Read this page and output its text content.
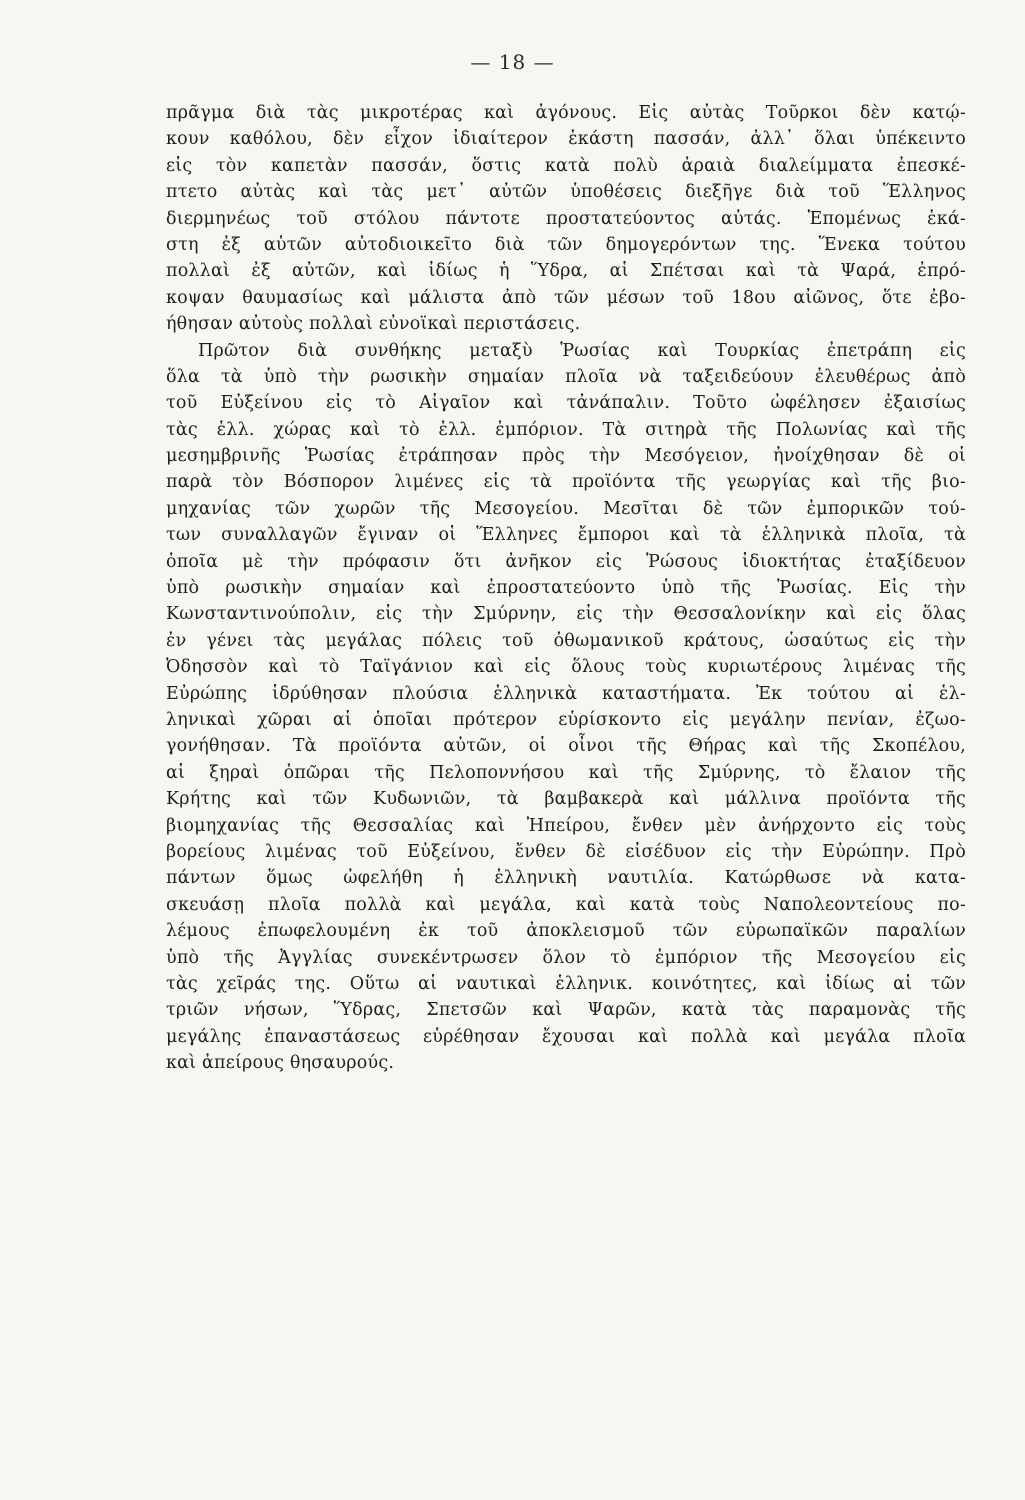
— 18 —
πρᾶγμα διὰ τὰς μικροτέρας καὶ ἀγόνους. Εἰς αὐτὰς Τοῦρκοι δὲν κατῴ-
κουν καθόλου, δὲν εἶχον ἰδιαίτερον ἑκάστη πασσάν, ἀλλ᾿ ὅλαι ὑπέκειντο
εἰς τὸν καπετὰν πασσάν, ὅστις κατὰ πολὺ ἀραιὰ διαλείμματα ἐπεσκέ-
πτετο αὐτὰς καὶ τὰς μετ᾿ αὐτῶν ὑποθέσεις διεξῆγε διὰ τοῦ Ἕλληνος
διερμηνέως τοῦ στόλου πάντοτε προστατεύοντος αὐτάς. Ἑπομένως ἑκά-
στη ἐξ αὐτῶν αὐτοδιοικεῖτο διὰ τῶν δημογερόντων της. Ἕνεκα τούτου
πολλαὶ ἐξ αὐτῶν, καὶ ἰδίως ἡ Ὕδρα, αἱ Σπέτσαι καὶ τὰ Ψαρά, ἐπρό-
κοψαν θαυμασίως καὶ μάλιστα ἀπὸ τῶν μέσων τοῦ 18ου αἰῶνος, ὅτε ἐβο-
ήθησαν αὐτοὺς πολλαὶ εὐνοϊκαὶ περιστάσεις.
Πρῶτον διὰ συνθήκης μεταξὺ Ῥωσίας καὶ Τουρκίας ἐπετράπη εἰς
ὅλα τὰ ὑπὸ τὴν ρωσικὴν σημαίαν πλοῖα νὰ ταξειδεύουν ἐλευθέρως ἀπὸ
τοῦ Εὐξείνου εἰς τὸ Αἰγαῖον καὶ τἀνάπαλιν. Τοῦτο ὠφέλησεν ἐξαισίως
τὰς ἑλλ. χώρας καὶ τὸ ἑλλ. ἐμπόριον. Τὰ σιτηρὰ τῆς Πολωνίας καὶ τῆς
μεσημβρινῆς Ῥωσίας ἐτράπησαν πρὸς τὴν Μεσόγειον, ἠνοίχθησαν δὲ οἱ
παρὰ τὸν Βόσπορον λιμένες εἰς τὰ προϊόντα τῆς γεωργίας καὶ τῆς βιο-
μηχανίας τῶν χωρῶν τῆς Μεσογείου. Μεσῖται δὲ τῶν ἐμπορικῶν τού-
των συναλλαγῶν ἔγιναν οἱ Ἕλληνες ἔμποροι καὶ τὰ ἑλληνικὰ πλοῖα, τὰ
ὁποῖα μὲ τὴν πρόφασιν ὅτι ἀνῆκον εἰς Ῥώσους ἰδιοκτήτας ἐταξίδευον
ὑπὸ ρωσικὴν σημαίαν καὶ ἐπροστατεύοντο ὑπὸ τῆς Ῥωσίας. Εἰς τὴν
Κωνσταντινούπολιν, εἰς τὴν Σμύρνην, εἰς τὴν Θεσσαλονίκην καὶ εἰς ὅλας
ἐν γένει τὰς μεγάλας πόλεις τοῦ ὀθωμανικοῦ κράτους, ὡσαύτως εἰς τὴν
Ὀδησσὸν καὶ τὸ Ταϊγάνιον καὶ εἰς ὅλους τοὺς κυριωτέρους λιμένας τῆς
Εὐρώπης ἱδρύθησαν πλούσια ἑλληνικὰ καταστήματα. Ἐκ τούτου αἱ ἑλ-
ληνικαὶ χῶραι αἱ ὁποῖαι πρότερον εὑρίσκοντο εἰς μεγάλην πενίαν, ἐζωο-
γονήθησαν. Τὰ προϊόντα αὐτῶν, οἱ οἶνοι τῆς Θήρας καὶ τῆς Σκοπέλου,
αἱ ξηραὶ ὀπῶραι τῆς Πελοποννήσου καὶ τῆς Σμύρνης, τὸ ἔλαιον τῆς
Κρήτης καὶ τῶν Κυδωνιῶν, τὰ βαμβακερὰ καὶ μάλλινα προϊόντα τῆς
βιομηχανίας τῆς Θεσσαλίας καὶ Ἠπείρου, ἔνθεν μὲν ἀνήρχοντο εἰς τοὺς
βορείους λιμένας τοῦ Εὐξείνου, ἔνθεν δὲ εἰσέδυον εἰς τὴν Εὐρώπην. Πρὸ
πάντων ὅμως ὠφελήθη ἡ ἑλληνικὴ ναυτιλία. Κατώρθωσε νὰ κατα-
σκευάσῃ πλοῖα πολλὰ καὶ μεγάλα, καὶ κατὰ τοὺς Ναπολεοντείους πο-
λέμους ἐπωφελουμένη ἐκ τοῦ ἀποκλεισμοῦ τῶν εὐρωπαϊκῶν παραλίων
ὑπὸ τῆς Ἀγγλίας συνεκέντρωσεν ὅλον τὸ ἐμπόριον τῆς Μεσογείου εἰς
τὰς χεῖράς της. Οὕτω αἱ ναυτικαὶ ἑλληνικ. κοινότητες, καὶ ἰδίως αἱ τῶν
τριῶν νήσων, Ὕδρας, Σπετσῶν καὶ Ψαρῶν, κατὰ τὰς παραμονὰς τῆς
μεγάλης ἐπαναστάσεως εὑρέθησαν ἔχουσαι καὶ πολλὰ καὶ μεγάλα πλοῖα
καὶ ἀπείρους θησαυρούς.
